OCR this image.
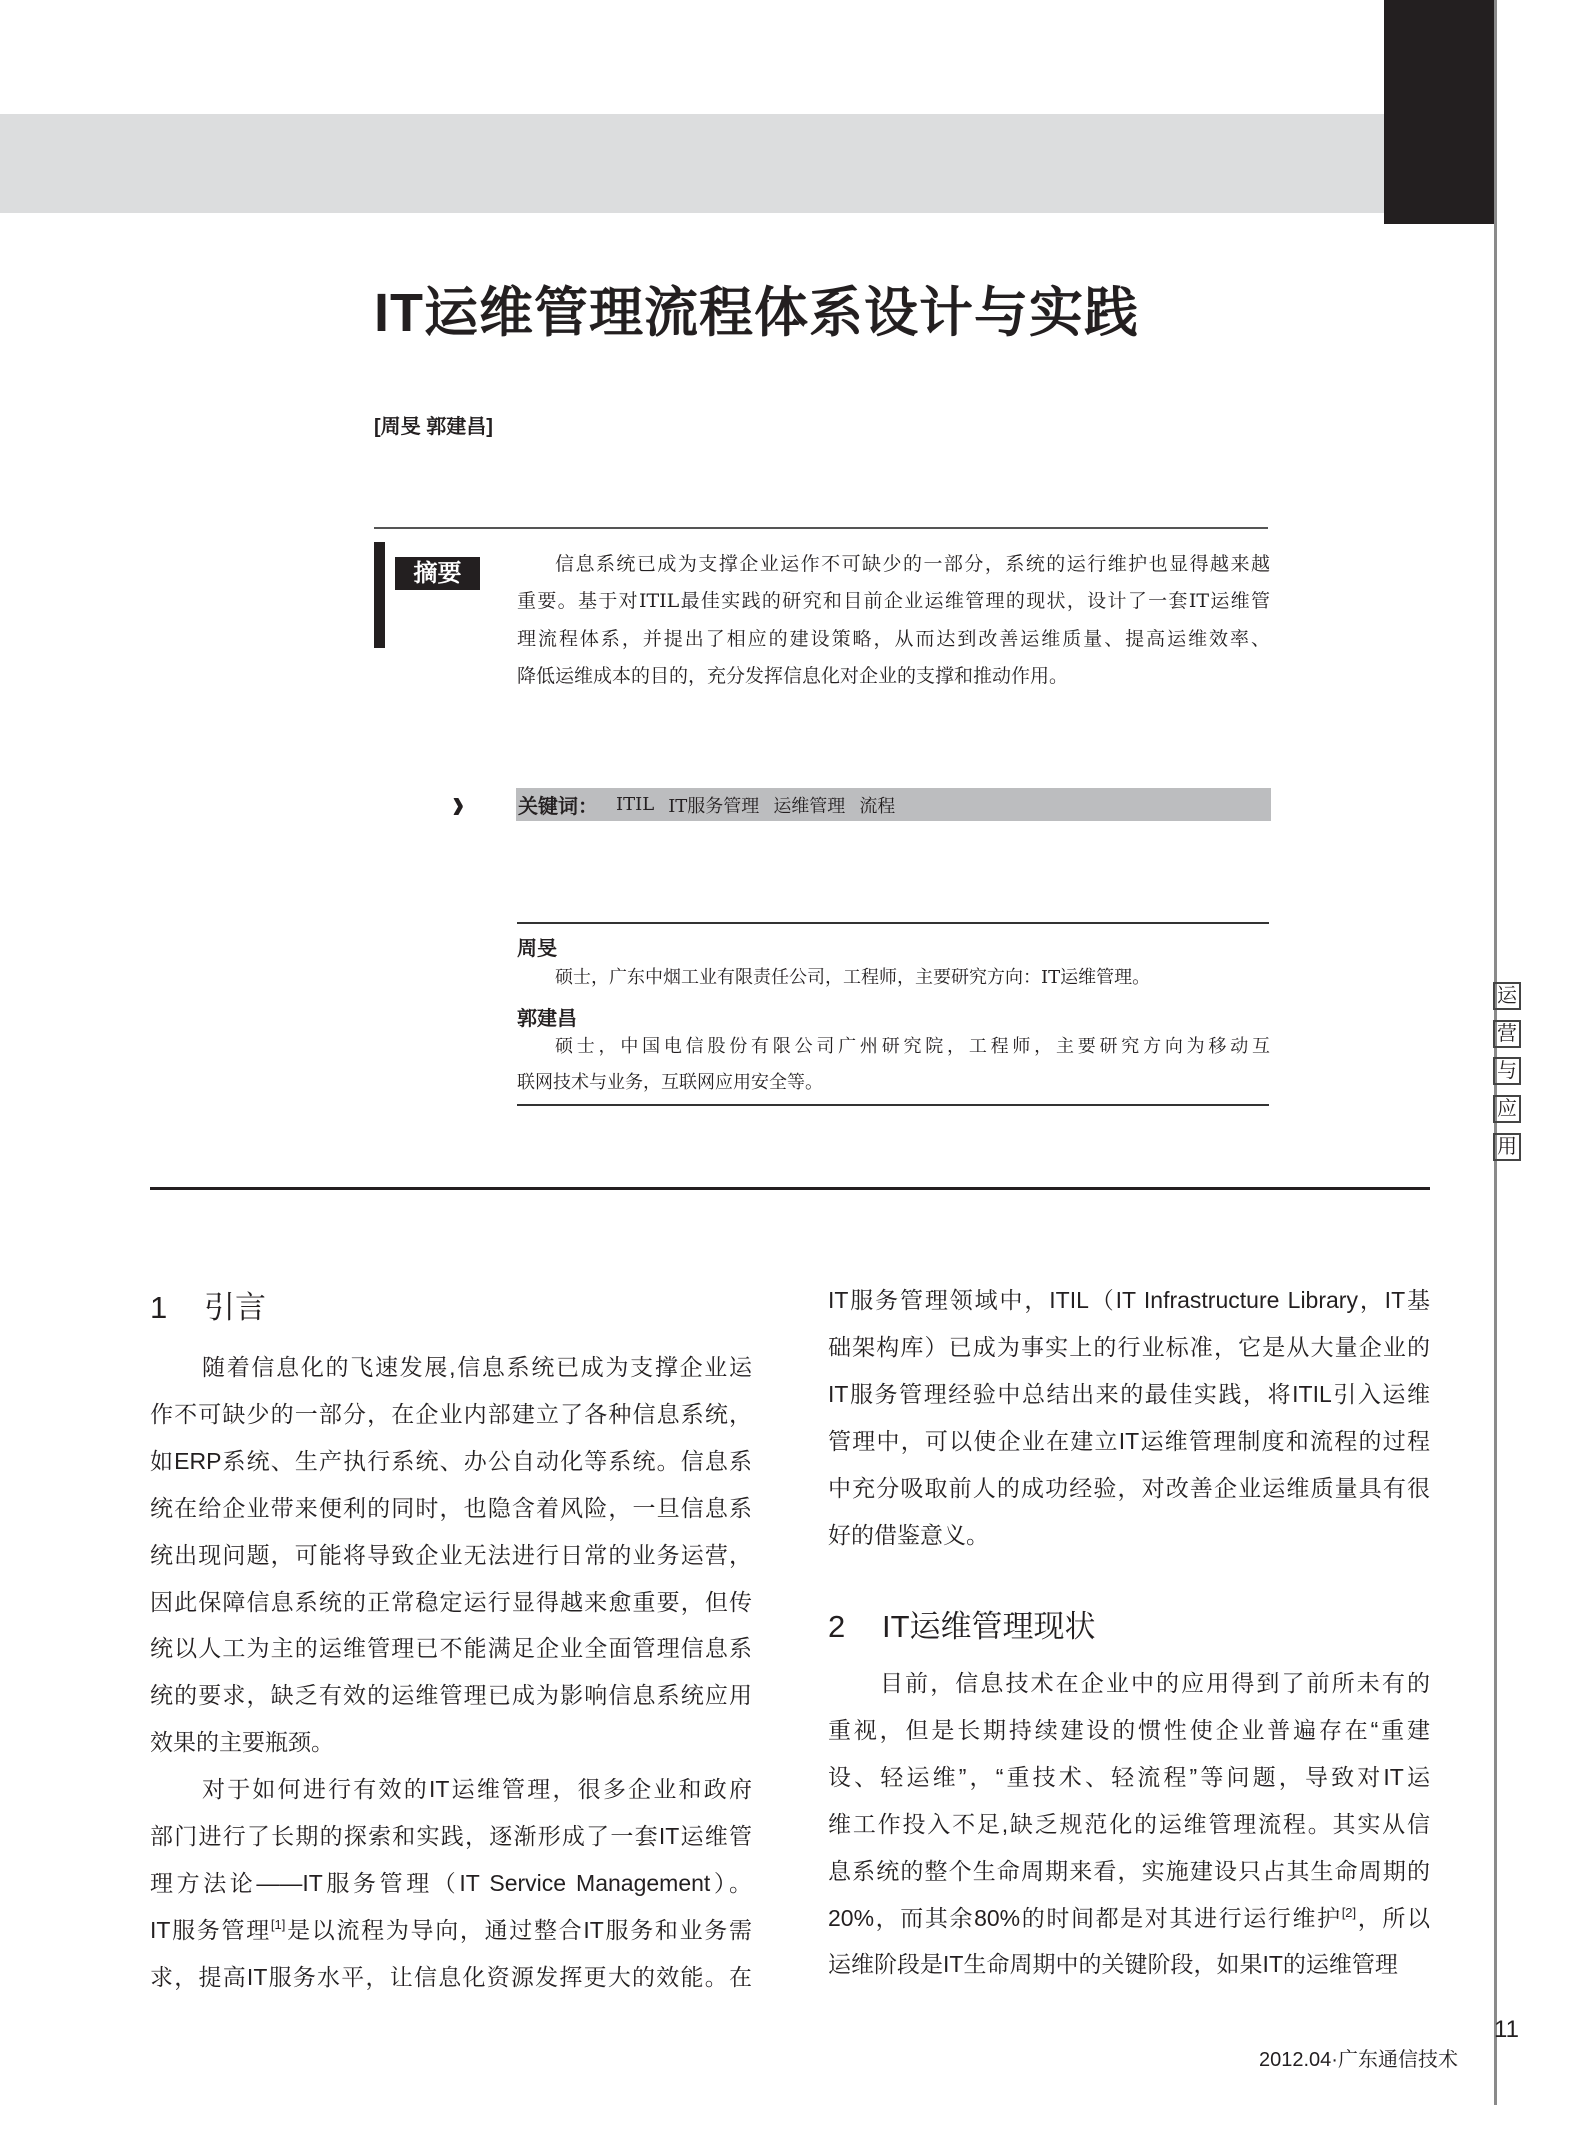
IT运维管理流程体系设计与实践
[周旻 郭建昌]
摘要	信息系统已成为支撑企业运作不可缺少的一部分，系统的运行维护也显得越来越
重要。基于对ITIL最佳实践的研究和目前企业运维管理的现状，设计了一套IT运维管
理流程体系，并提出了相应的建设策略，从而达到改善运维质量、提高运维效率、
降低运维成本的目的，充分发挥信息化对企业的支撑和推动作用。
››	关键词： ITIL IT服务管理 运维管理 流程
周旻
硕士，广东中烟工业有限责任公司，工程师，主要研究方向：IT运维管理。
郭建昌
硕士，中国电信股份有限公司广州研究院，工程师，主要研究方向为移动互
联网技术与业务，互联网应用安全等。
1 引言
2 IT运维管理现状
随着信息化的飞速发展,信息系统已成为支撑企业运
作不可缺少的一部分，在企业内部建立了各种信息系统，
如ERP系统、生产执行系统、办公自动化等系统。信息系
统在给企业带来便利的同时，也隐含着风险，一旦信息系
统出现问题，可能将导致企业无法进行日常的业务运营，
因此保障信息系统的正常稳定运行显得越来愈重要，但传
统以人工为主的运维管理已不能满足企业全面管理信息系
统的要求，缺乏有效的运维管理已成为影响信息系统应用
效果的主要瓶颈。
对于如何进行有效的IT运维管理，很多企业和政府
部门进行了长期的探索和实践，逐渐形成了一套IT运维管
理方法论——IT服务管理（IT Service Management）。
IT服务管理[1]是以流程为导向，通过整合IT服务和业务需
求，提高IT服务水平，让信息化资源发挥更大的效能。在
IT服务管理领域中，ITIL（IT Infrastructure Library，IT基
础架构库）已成为事实上的行业标准，它是从大量企业的
IT服务管理经验中总结出来的最佳实践，将ITIL引入运维
管理中，可以使企业在建立IT运维管理制度和流程的过程
中充分吸取前人的成功经验，对改善企业运维质量具有很
好的借鉴意义。
目前，信息技术在企业中的应用得到了前所未有的
重视，但是长期持续建设的惯性使企业普遍存在“重建
设、轻运维”，“重技术、轻流程”等问题，导致对IT运
维工作投入不足,缺乏规范化的运维管理流程。其实从信
息系统的整个生命周期来看，实施建设只占其生命周期的
20%，而其余80%的时间都是对其进行运行维护[2]，所以
运维阶段是IT生命周期中的关键阶段，如果IT的运维管理
运
营
与
应
用
11
2012.04·广东通信技术
